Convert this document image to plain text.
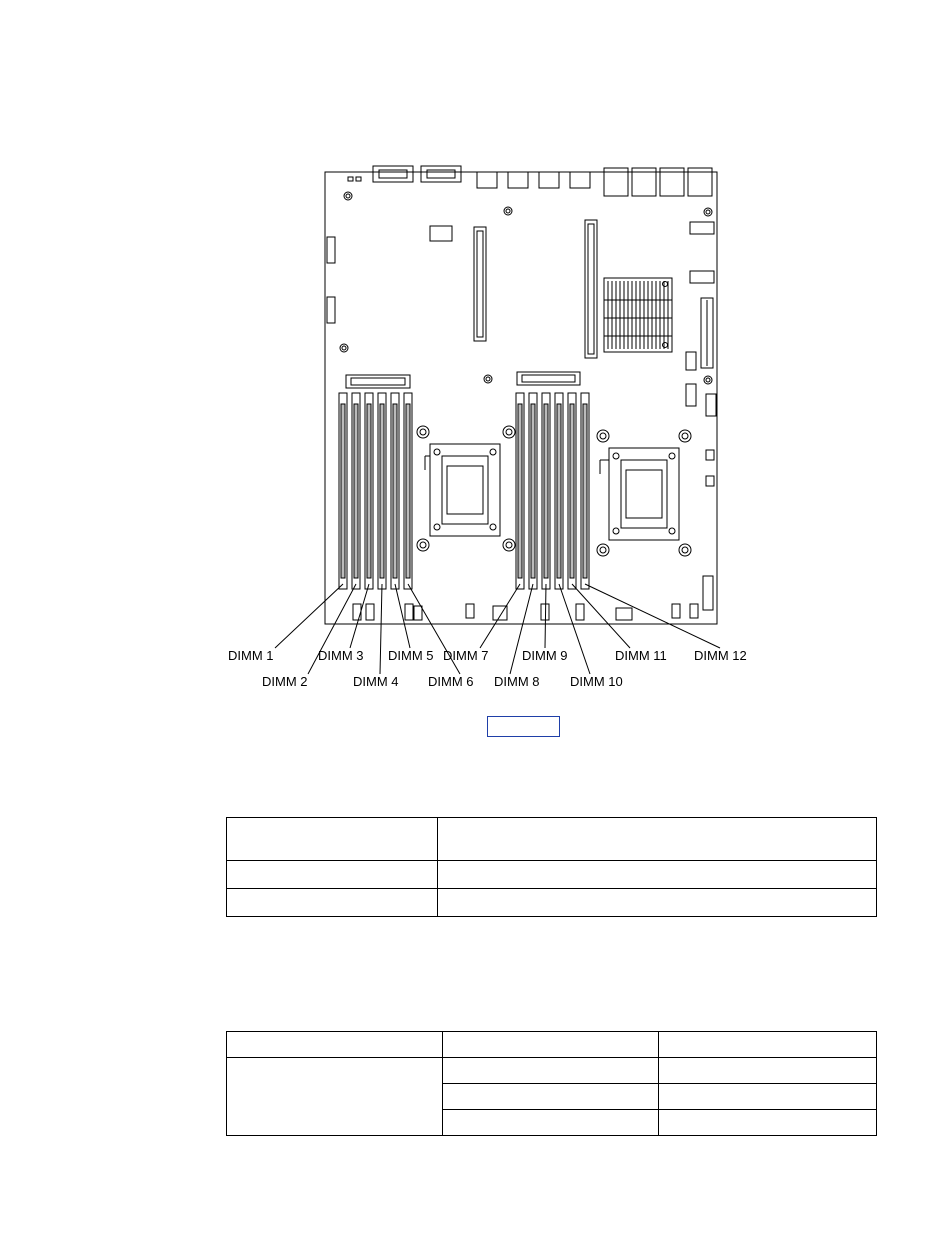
DIMM 1
DIMM 2
DIMM 3
DIMM 4
DIMM 5
DIMM 6
DIMM 7
DIMM 8
DIMM 9
DIMM 10
DIMM 11 DIMM 12
